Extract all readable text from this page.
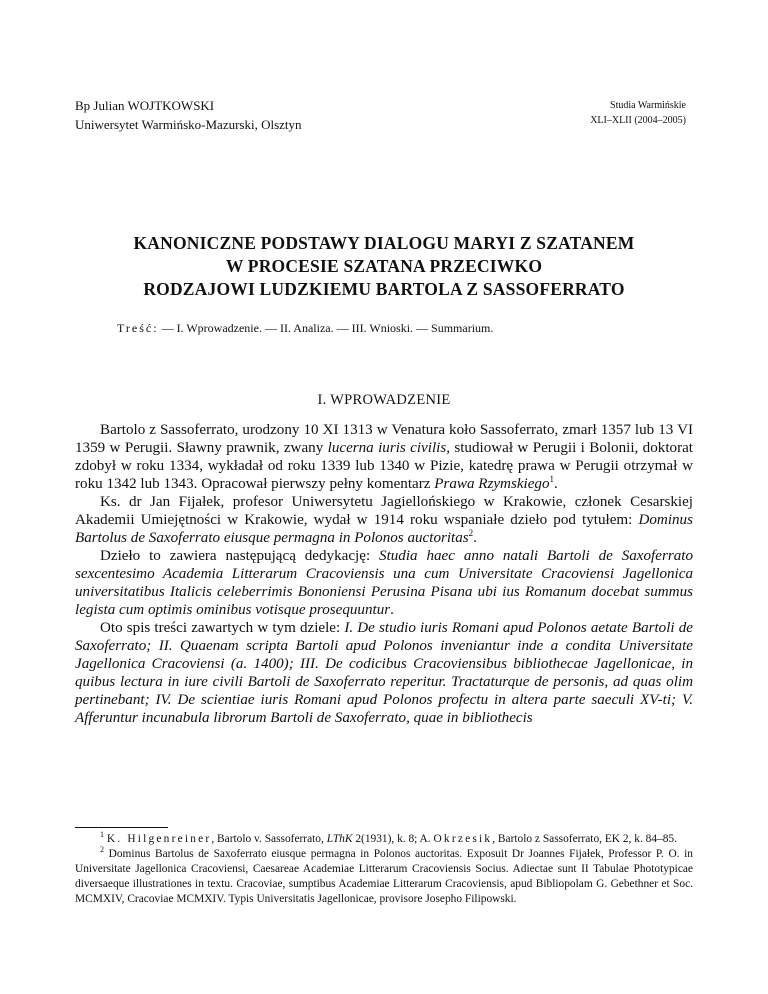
Bp Julian WOJTKOWSKI
Uniwersytet Warmińsko-Mazurski, Olsztyn
Studia Warmińskie
XLI–XLII (2004–2005)
KANONICZNE PODSTAWY DIALOGU MARYI Z SZATANEM
W PROCESIE SZATANA PRZECIWKO
RODZAJOWI LUDZKIEMU BARTOLA Z SASSOFERRATO
Treść: — I. Wprowadzenie. — II. Analiza. — III. Wnioski. — Summarium.
I. WPROWADZENIE

Bartolo z Sassoferrato, urodzony 10 XI 1313 w Venatura koło Sassoferrato, zmarł 1357 lub 13 VI 1359 w Perugii. Sławny prawnik, zwany lucerna iuris civilis, studiował w Perugii i Bolonii, doktorat zdobył w roku 1334, wykładał od roku 1339 lub 1340 w Pizie, katedrę prawa w Perugii otrzymał w roku 1342 lub 1343. Opracował pierwszy pełny komentarz Prawa Rzymskiego$^1$.

Ks. dr Jan Fijałek, profesor Uniwersytetu Jagiellońskiego w Krakowie, członek Cesarskiej Akademii Umiejętności w Krakowie, wydał w 1914 roku wspaniałe dzieło pod tytułem: Dominus Bartolus de Saxoferrato eiusque permagna in Polonos auctoritas$^2$.

Dzieło to zawiera następującą dedykację: Studia haec anno natali Bartoli de Saxoferrato sexcentesimo Academia Litterarum Cracoviensis una cum Universitate Cracoviensi Jagellonica universitatibus Italicis celeberrimis Bononiensi Perusina Pisana ubi ius Romanum docebat summus legista cum optimis ominibus votisque prosequuntur.

Oto spis treści zawartych w tym dziele: I. De studio iuris Romani apud Polonos aetate Bartoli de Saxoferrato; II. Quaenam scripta Bartoli apud Polonos inveniantur inde a condita Universitate Jagellonica Cracoviensi (a. 1400); III. De codicibus Cracoviensibus bibliothecae Jagellonicae, in quibus lectura in iure civili Bartoli de Saxoferrato reperitur. Tractaturque de personis, ad quas olim pertinebant; IV. De scientiae iuris Romani apud Polonos profectu in altera parte saeculi XV-ti; V. Afferuntur incunabula librorum Bartoli de Saxoferrato, quae in bibliothecis

$^1$ K. Hilgenreiner, Bartolo v. Sassoferrato, LThK 2(1931), k. 8; A. Okrzesik, Bartolo z Sassoferrato, EK 2, k. 84–85.

$^2$ Dominus Bartolus de Saxoferrato eiusque permagna in Polonos auctoritas. Exposuit Dr Joannes Fijałek, Professor P. O. in Universitate Jagellonica Cracoviensi, Caesareae Academiae Litterarum Cracoviensis Socius. Adiectae sunt II Tabulae Phototypicae diversaeque illustrationes in textu. Cracoviae, sumptibus Academiae Litterarum Cracoviensis, apud Bibliopolam G. Gebethner et Soc. MCMXIV, Cracoviae MCMXIV. Typis Universitatis Jagellonicae, provisore Josepho Filipowski.
